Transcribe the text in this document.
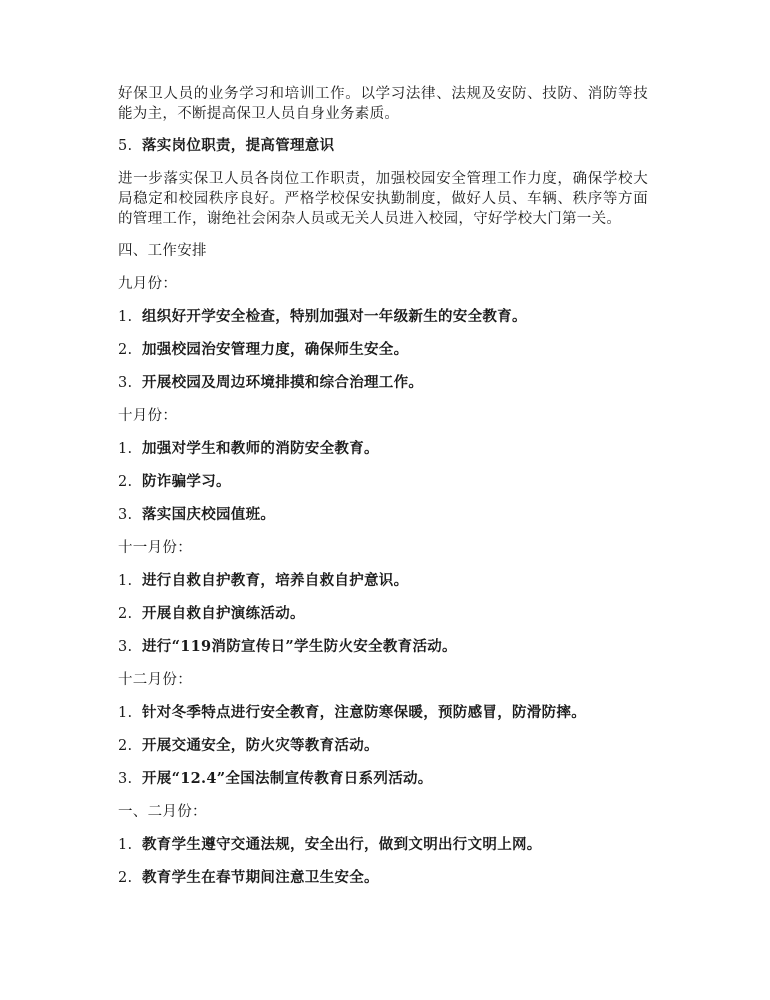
好保卫人员的业务学习和培训工作。以学习法律、法规及安防、技防、消防等技能为主，不断提高保卫人员自身业务素质。

5. 落实岗位职责，提高管理意识

进一步落实保卫人员各岗位工作职责，加强校园安全管理工作力度，确保学校大局稳定和校园秩序良好。严格学校保安执勤制度，做好人员、车辆、秩序等方面的管理工作，谢绝社会闲杂人员或无关人员进入校园，守好学校大门第一关。

四、工作安排
九月份：
1. 组织好开学安全检查，特别加强对一年级新生的安全教育。
2. 加强校园治安管理力度，确保师生安全。
3. 开展校园及周边环境排摸和综合治理工作。
十月份：
1. 加强对学生和教师的消防安全教育。
2. 防诈骗学习。
3. 落实国庆校园值班。
十一月份：
1. 进行自救自护教育，培养自救自护意识。
2. 开展自救自护演练活动。
3. 进行“119消防宣传日”学生防火安全教育活动。
十二月份：
1. 针对冬季特点进行安全教育，注意防寒保暖，预防感冒，防滑防摔。
2. 开展交通安全，防火灾等教育活动。
3. 开展“12.4”全国法制宣传教育日系列活动。
一、二月份：
1. 教育学生遵守交通法规，安全出行，做到文明出行文明上网。
2. 教育学生在春节期间注意卫生安全。
